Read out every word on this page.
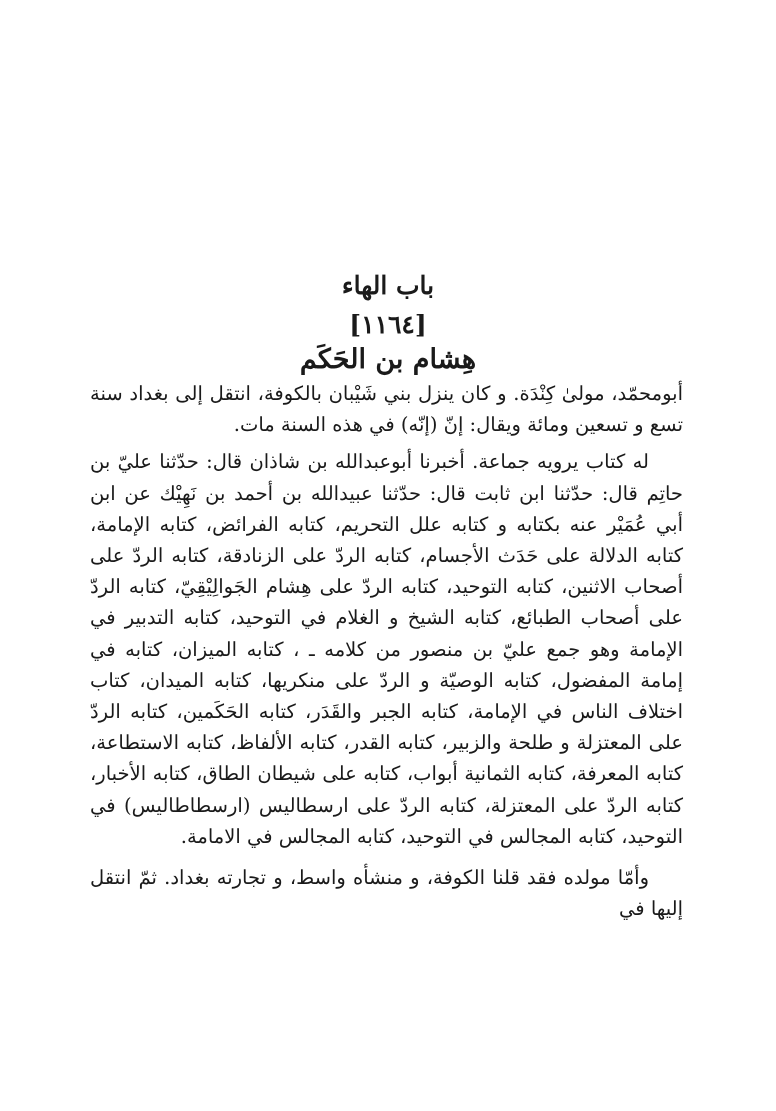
باب الهاء
[١١٦٤]
هِشام بن الحَكَم

أبومحمّد، مولىٰ كِنْدَة. و كان ينزل بني شَيْبان بالكوفة، انتقل إلى بغداد سنة تسع و تسعين ومائة ويقال: إنّ (إنّه) في هذه السنة مات.

له كتاب يرويه جماعة. أخبرنا أبوعبدالله بن شاذان قال: حدّثنا عليّ بن حاتِم قال: حدّثنا ابن ثابت قال: حدّثنا عبيدالله بن أحمد بن نَهِيْك عن ابن أبي عُمَيْر عنه بكتابه و كتابه علل التحريم، كتابه الفرائض، كتابه الإمامة، كتابه الدلالة على حَدَث الأجسام، كتابه الردّ على الزنادقة، كتابه الردّ على أصحاب الاثنين، كتابه التوحيد، كتابه الردّ على هِشام الجَوالِيْقِيّ، كتابه الردّ على أصحاب الطبائع، كتابه الشيخ و الغلام في التوحيد، كتابه التدبير في الإمامة وهو جمع عليّ بن منصور من كلامه ـ ، كتابه الميزان، كتابه في إمامة المفضول، كتابه الوصيّة و الردّ على منكريها، كتابه الميدان، كتاب اختلاف الناس في الإمامة، كتابه الجبر والقَدَر، كتابه الحَكَمين، كتابه الردّ على المعتزلة و طلحة والزبير، كتابه القدر، كتابه الألفاظ، كتابه الاستطاعة، كتابه المعرفة، كتابه الثمانية أبواب، كتابه على شيطان الطاق، كتابه الأخبار، كتابه الردّ على المعتزلة، كتابه الردّ على ارسطاليس (ارسطاطاليس) في التوحيد، كتابه المجالس في التوحيد، كتابه المجالس في الامامة.

وأمّا مولده فقد قلنا الكوفة، و منشأه واسط، و تجارته بغداد. ثمّ انتقل إليها في
